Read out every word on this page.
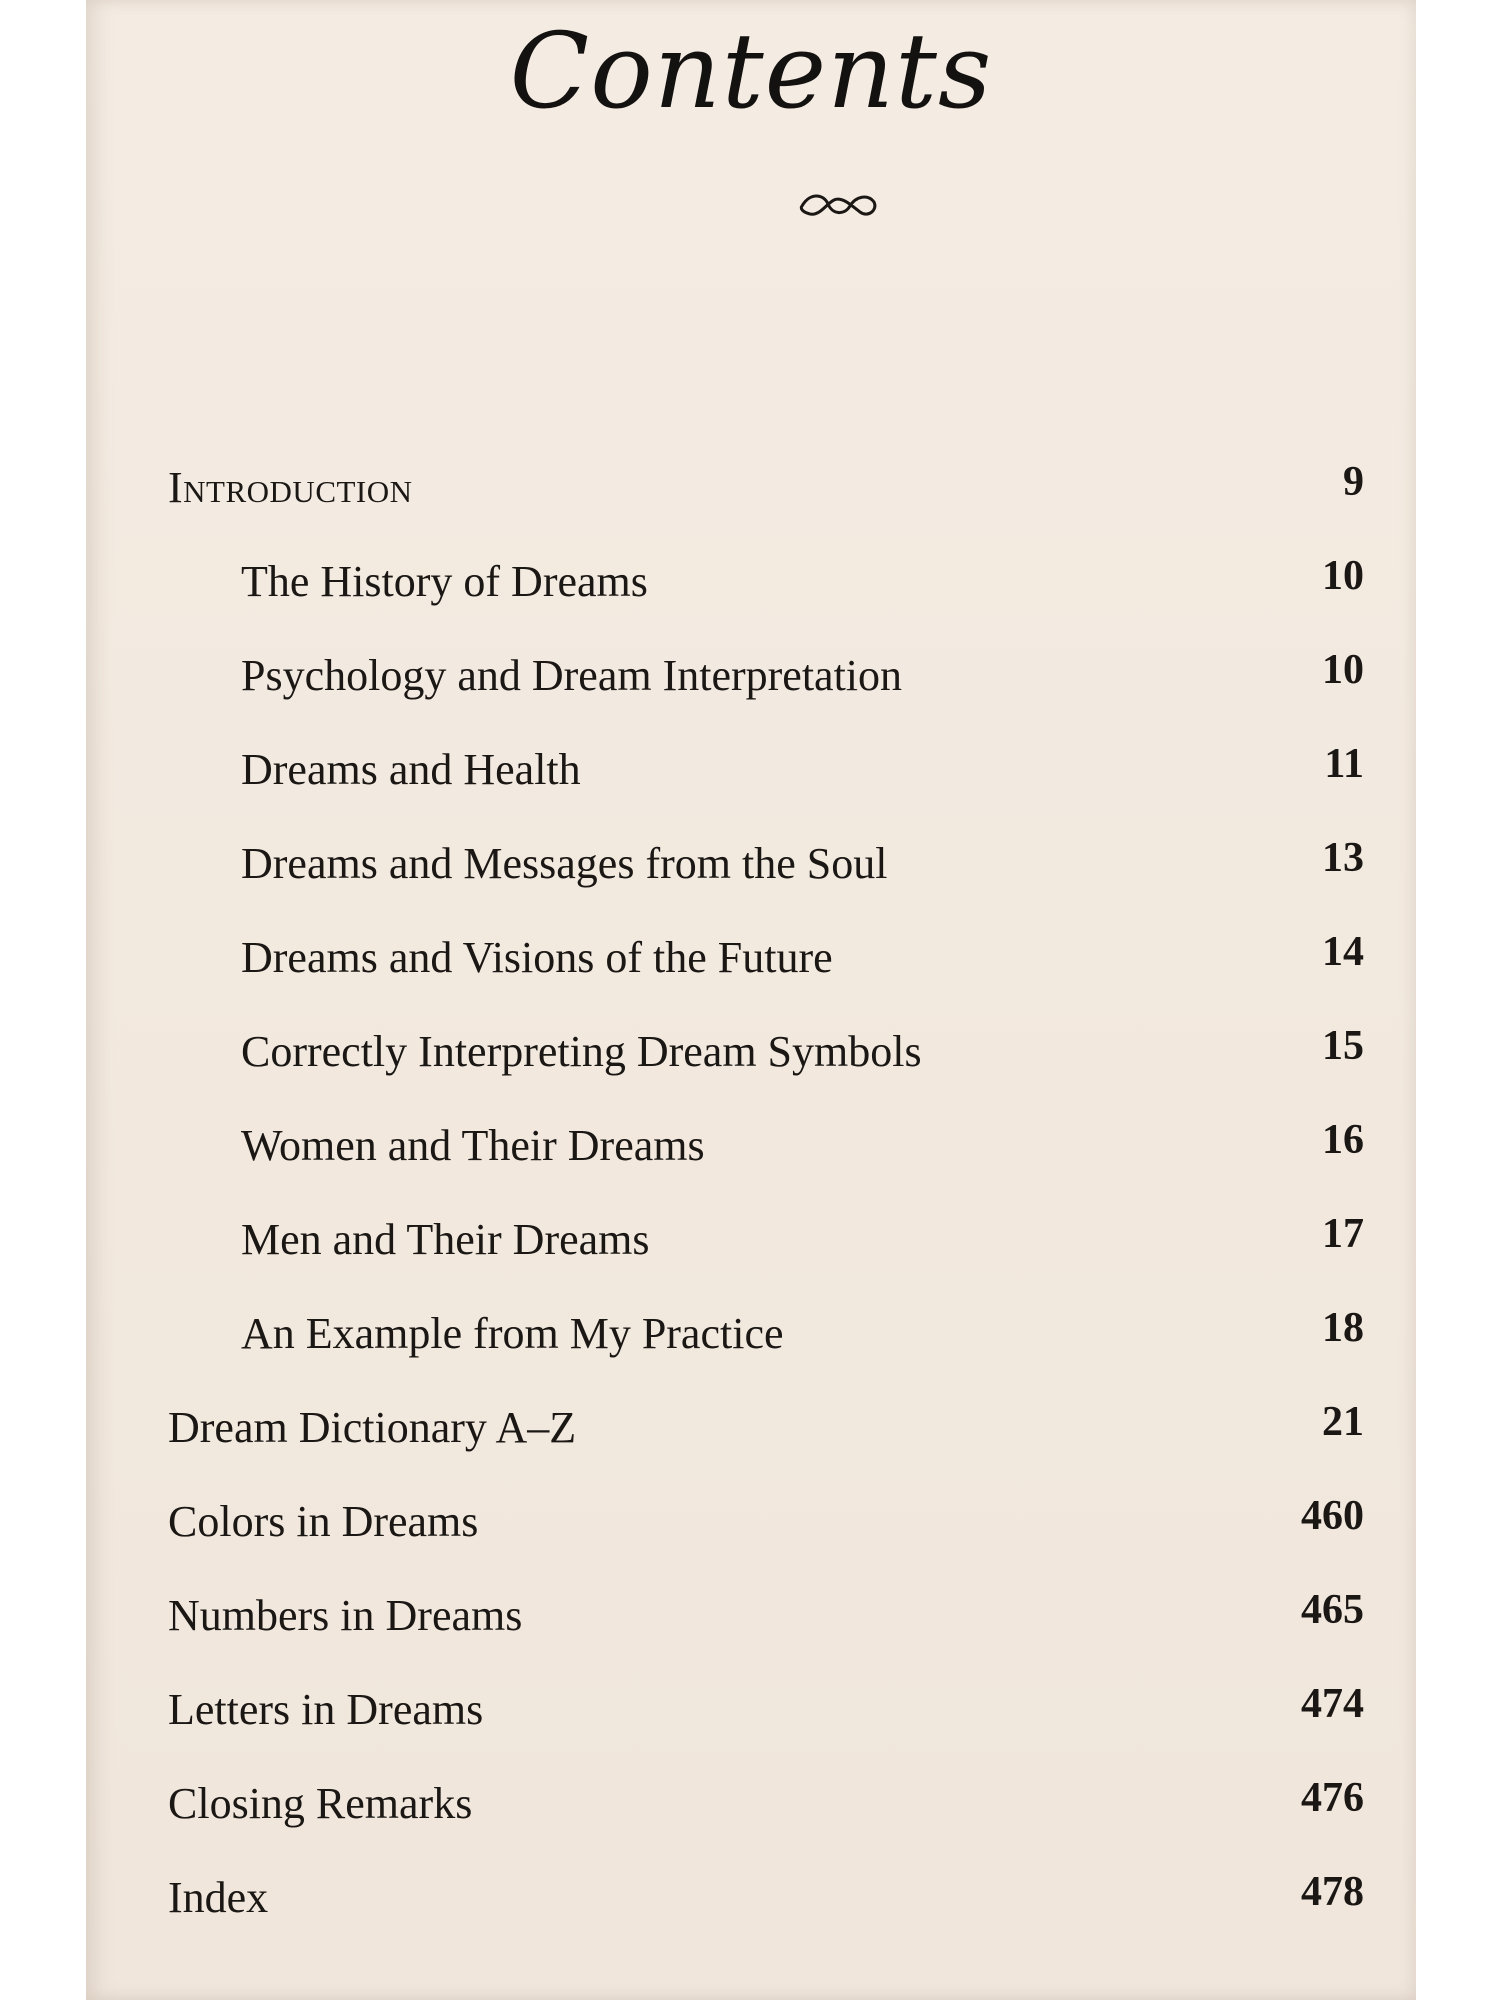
Contents
Introduction	9
The History of Dreams	10
Psychology and Dream Interpretation	10
Dreams and Health	11
Dreams and Messages from the Soul	13
Dreams and Visions of the Future	14
Correctly Interpreting Dream Symbols	15
Women and Their Dreams	16
Men and Their Dreams	17
An Example from My Practice	18
Dream Dictionary A–Z	21
Colors in Dreams	460
Numbers in Dreams	465
Letters in Dreams	474
Closing Remarks	476
Index	478
